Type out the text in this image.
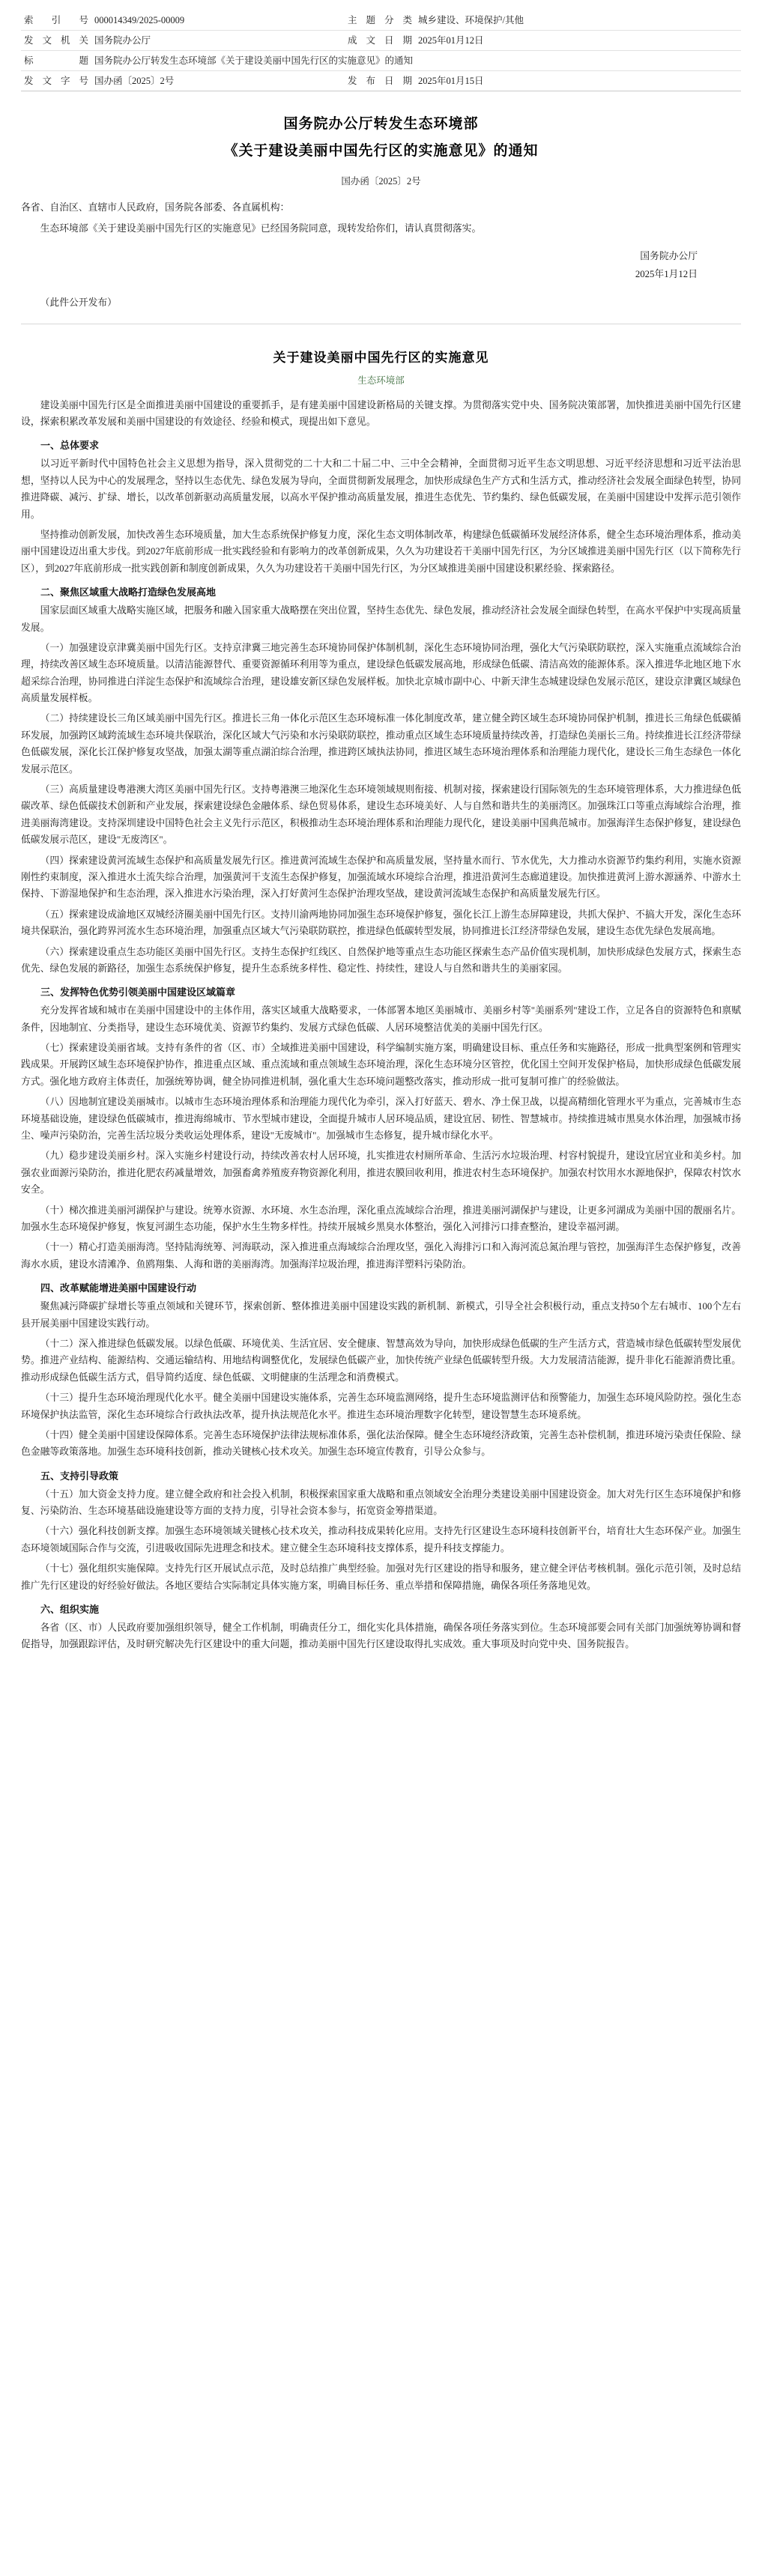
索 引 号	000014349/2025-00009	主题分类	城乡建设、环境保护/其他
发文机关	国务院办公厅	成文日期	2025年01月12日
标 题	国务院办公厅转发生态环境部《关于建设美丽中国先行区的实施意见》的通知		
发文字号	国办函〔2025〕2号	发布日期	2025年01月15日
国务院办公厅转发生态环境部
《关于建设美丽中国先行区的实施意见》的通知
国办函〔2025〕2号
各省、自治区、直辖市人民政府，国务院各部委、各直属机构：
生态环境部《关于建设美丽中国先行区的实施意见》已经国务院同意，现转发给你们，请认真贯彻落实。
国务院办公厅
2025年1月12日
（此件公开发布）
关于建设美丽中国先行区的实施意见
生态环境部
建设美丽中国先行区是全面推进美丽中国建设的重要抓手，是有建美丽中国建设新格局的关键支撑。为贯彻落实党中央、国务院决策部署，加快推进美丽中国先行区建设，探索积累改革发展和美丽中国建设的有效途径、经验和模式，现提出如下意见。
一、总体要求
以习近平新时代中国特色社会主义思想为指导，深入贯彻党的二十大和二十届二中、三中全会精神，全面贯彻习近平生态文明思想、习近平经济思想和习近平法治思想，坚持以人民为中心的发展理念，坚持以生态优先、绿色发展为导向，全面贯彻新发展理念，加快形成绿色生产方式和生活方式，推动经济社会发展全面绿色转型，协同推进降碳、减污、扩绿、增长，以改革创新驱动高质量发展，以高水平保护推动高质量发展，推进生态优先、节约集约、绿色低碳发展，在美丽中国建设中发挥示范引领作用。
坚持推动创新发展，加快改善生态环境质量，加大生态系统保护修复力度，深化生态文明体制改革，构建绿色低碳循环发展经济体系，健全生态环境治理体系，推动美丽中国建设迈出重大步伐。到2027年底前形成一批实践经验和有影响力的改革创新成果，久久为功建设若干美丽中国先行区，为分区域推进美丽中国先行区（以下简称先行区），到2027年底前形成一批实践创新和制度创新成果，久久为功建设若干美丽中国先行区，为分区域推进美丽中国建设积累经验、探索路径。
二、聚焦区域重大战略打造绿色发展高地
国家层面区域重大战略实施区域，把服务和融入国家重大战略摆在突出位置，坚持生态优先、绿色发展，推动经济社会发展全面绿色转型，在高水平保护中实现高质量发展。
（一）加强建设京津冀美丽中国先行区。支持京津冀三地完善生态环境协同保护体制机制，深化生态环境协同治理，强化大气污染联防联控，深入实施重点流域综合治理，持续改善区域生态环境质量。以清洁能源替代、重要资源循环利用等为重点，建设绿色低碳发展高地，形成绿色低碳、清洁高效的能源体系。深入推进华北地区地下水超采综合治理，协同推进白洋淀生态保护和流域综合治理，建设雄安新区绿色发展样板。加快北京城市副中心、中新天津生态城建设绿色发展示范区，建设京津冀区域绿色高质量发展样板。
（二）持续建设长三角区域美丽中国先行区。推进长三角一体化示范区生态环境标准一体化制度改革，建立健全跨区域生态环境协同保护机制，推进长三角绿色低碳循环发展，加强跨区域跨流域生态环境共保联治，深化区域大气污染和水污染联防联控，推动重点区域生态环境质量持续改善，打造绿色美丽长三角。持续推进长江经济带绿色低碳发展，深化长江保护修复攻坚战，加强太湖等重点湖泊综合治理，推进跨区域执法协同，推进区域生态环境治理体系和治理能力现代化，建设长三角生态绿色一体化发展示范区。
（三）高质量建设粤港澳大湾区美丽中国先行区。支持粤港澳三地深化生态环境领域规则衔接、机制对接，探索建设行国际领先的生态环境管理体系，大力推进绿色低碳改革、绿色低碳技术创新和产业发展，探索建设绿色金融体系、绿色贸易体系，建设生态环境美好、人与自然和谐共生的美丽湾区。加强珠江口等重点海域综合治理，推进美丽海湾建设。支持深圳建设中国特色社会主义先行示范区，积极推动生态环境治理体系和治理能力现代化，建设美丽中国典范城市。加强海洋生态保护修复，建设绿色低碳发展示范区，建设"无废湾区"。
（四）探索建设黄河流域生态保护和高质量发展先行区。推进黄河流域生态保护和高质量发展，坚持量水而行、节水优先，大力推动水资源节约集约利用，实施水资源刚性约束制度，深入推进水土流失综合治理，加强黄河干支流生态保护修复，加强流域水环境综合治理，推进沿黄河生态廊道建设。加快推进黄河上游水源涵养、中游水土保持、下游湿地保护和生态治理，深入推进水污染治理，深入打好黄河生态保护治理攻坚战，建设黄河流域生态保护和高质量发展先行区。
（五）探索建设成渝地区双城经济圈美丽中国先行区。支持川渝两地协同加强生态环境保护修复，强化长江上游生态屏障建设，共抓大保护、不搞大开发，深化生态环境共保联治，强化跨界河流水生态环境治理，加强重点区域大气污染联防联控，推进绿色低碳转型发展，协同推进长江经济带绿色发展，建设生态优先绿色发展高地。
（六）探索建设重点生态功能区美丽中国先行区。支持生态保护红线区、自然保护地等重点生态功能区探索生态产品价值实现机制，加快形成绿色发展方式，探索生态优先、绿色发展的新路径，加强生态系统保护修复，提升生态系统多样性、稳定性、持续性，建设人与自然和谐共生的美丽家园。
三、发挥特色优势引领美丽中国建设区域篇章
充分发挥省域和城市在美丽中国建设中的主体作用，落实区域重大战略要求，一体部署本地区美丽城市、美丽乡村等"美丽系列"建设工作，立足各自的资源特色和禀赋条件，因地制宜、分类指导，建设生态环境优美、资源节约集约、发展方式绿色低碳、人居环境整洁优美的美丽中国先行区。
（七）探索建设美丽省域。支持有条件的省（区、市）全域推进美丽中国建设，科学编制实施方案，明确建设目标、重点任务和实施路径，形成一批典型案例和管理实践成果。开展跨区域生态环境保护协作，推进重点区域、重点流域和重点领域生态环境治理，深化生态环境分区管控，优化国土空间开发保护格局，加快形成绿色低碳发展方式。强化地方政府主体责任，加强统筹协调，健全协同推进机制，强化重大生态环境问题整改落实，推动形成一批可复制可推广的经验做法。
（八）因地制宜建设美丽城市。以城市生态环境治理体系和治理能力现代化为牵引，深入打好蓝天、碧水、净土保卫战，以提高精细化管理水平为重点，完善城市生态环境基础设施，建设绿色低碳城市，推进海绵城市、节水型城市建设，全面提升城市人居环境品质，建设宜居、韧性、智慧城市。持续推进城市黑臭水体治理，加强城市扬尘、噪声污染防治，完善生活垃圾分类收运处理体系，建设"无废城市"。加强城市生态修复，提升城市绿化水平。
（九）稳步建设美丽乡村。深入实施乡村建设行动，持续改善农村人居环境，扎实推进农村厕所革命、生活污水垃圾治理、村容村貌提升，建设宜居宜业和美乡村。加强农业面源污染防治，推进化肥农药减量增效，加强畜禽养殖废弃物资源化利用，推进农膜回收利用，推进农村生态环境保护。加强农村饮用水水源地保护，保障农村饮水安全。
（十）梯次推进美丽河湖保护与建设。统筹水资源、水环境、水生态治理，深化重点流域综合治理，推进美丽河湖保护与建设，让更多河湖成为美丽中国的靓丽名片。加强水生态环境保护修复，恢复河湖生态功能，保护水生生物多样性。持续开展城乡黑臭水体整治，强化入河排污口排查整治，建设幸福河湖。
（十一）精心打造美丽海湾。坚持陆海统筹、河海联动，深入推进重点海域综合治理攻坚，强化入海排污口和入海河流总氮治理与管控，加强海洋生态保护修复，改善海水水质，建设水清滩净、鱼鸥翔集、人海和谐的美丽海湾。加强海洋垃圾治理，推进海洋塑料污染防治。
四、改革赋能增进美丽中国建设行动
聚焦减污降碳扩绿增长等重点领域和关键环节，探索创新、整体推进美丽中国建设实践的新机制、新模式，引导全社会积极行动，重点支持50个左右城市、100个左右县开展美丽中国建设实践行动。
（十二）深入推进绿色低碳发展。以绿色低碳、环境优美、生活宜居、安全健康、智慧高效为导向，加快形成绿色低碳的生产生活方式，营造城市绿色低碳转型发展优势。推进产业结构、能源结构、交通运输结构、用地结构调整优化，发展绿色低碳产业，加快传统产业绿色低碳转型升级。大力发展清洁能源，提升非化石能源消费比重。推动形成绿色低碳生活方式，倡导简约适度、绿色低碳、文明健康的生活理念和消费模式。
（十三）提升生态环境治理现代化水平。健全美丽中国建设实施体系，完善生态环境监测网络，提升生态环境监测评估和预警能力，加强生态环境风险防控。强化生态环境保护执法监管，深化生态环境综合行政执法改革，提升执法规范化水平。推进生态环境治理数字化转型，建设智慧生态环境系统。
（十四）健全美丽中国建设保障体系。完善生态环境保护法律法规标准体系，强化法治保障。健全生态环境经济政策，完善生态补偿机制，推进环境污染责任保险、绿色金融等政策落地。加强生态环境科技创新，推动关键核心技术攻关。加强生态环境宣传教育，引导公众参与。
五、支持引导政策
（十五）加大资金支持力度。建立健全政府和社会投入机制，积极探索国家重大战略和重点领域安全治理分类建设美丽中国建设资金。加大对先行区生态环境保护和修复、污染防治、生态环境基础设施建设等方面的支持力度，引导社会资本参与，拓宽资金筹措渠道。
（十六）强化科技创新支撑。加强生态环境领域关键核心技术攻关，推动科技成果转化应用。支持先行区建设生态环境科技创新平台，培育壮大生态环保产业。加强生态环境领域国际合作与交流，引进吸收国际先进理念和技术。建立健全生态环境科技支撑体系，提升科技支撑能力。
（十七）强化组织实施保障。支持先行区开展试点示范，及时总结推广典型经验。加强对先行区建设的指导和服务，建立健全评估考核机制。强化示范引领，及时总结推广先行区建设的好经验好做法。各地区要结合实际制定具体实施方案，明确目标任务、重点举措和保障措施，确保各项任务落地见效。
六、组织实施
各省（区、市）人民政府要加强组织领导，健全工作机制，明确责任分工，细化实化具体措施，确保各项任务落实到位。生态环境部要会同有关部门加强统筹协调和督促指导，加强跟踪评估，及时研究解决先行区建设中的重大问题，推动美丽中国先行区建设取得扎实成效。重大事项及时向党中央、国务院报告。
